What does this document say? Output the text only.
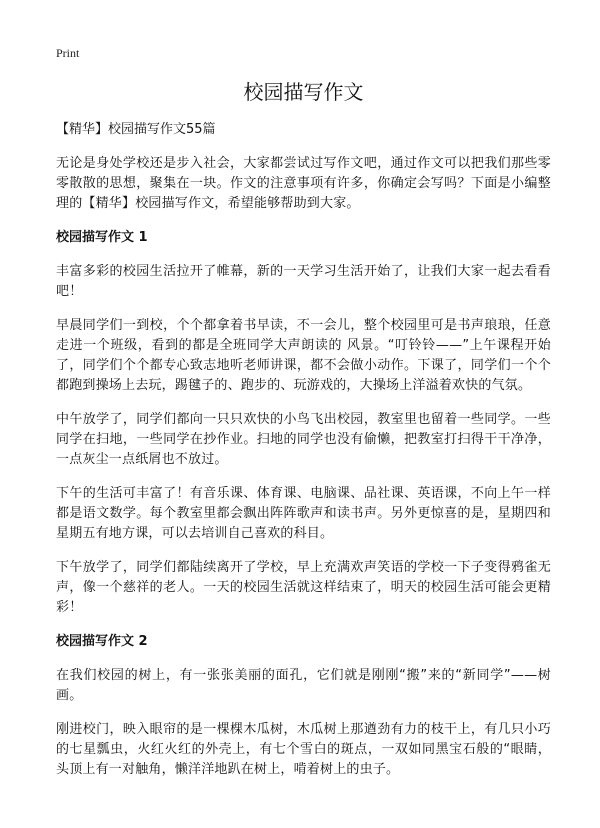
Print
校园描写作文

【精华】校园描写作文55篇

无论是身处学校还是步入社会，大家都尝试过写作文吧，通过作文可以把我们那些零零散散的思想，聚集在一块。作文的注意事项有许多，你确定会写吗？下面是小编整理的【精华】校园描写作文，希望能够帮助到大家。

校园描写作文 1

丰富多彩的校园生活拉开了帷幕，新的一天学习生活开始了，让我们大家一起去看看吧！

早晨同学们一到校，个个都拿着书早读，不一会儿，整个校园里可是书声琅琅，任意走进一个班级，看到的都是全班同学大声朗读的 风景。“叮铃铃——”上午课程开始了，同学们个个都专心致志地听老师讲课，都不会做小动作。下课了，同学们一个个都跑到操场上去玩，踢毽子的、跑步的、玩游戏的，大操场上洋溢着欢快的气氛。

中午放学了，同学们都向一只只欢快的小鸟飞出校园，教室里也留着一些同学。一些同学在扫地，一些同学在抄作业。扫地的同学也没有偷懒，把教室打扫得干干净净，一点灰尘一点纸屑也不放过。

下午的生活可丰富了！有音乐课、体育课、电脑课、品社课、英语课，不向上午一样都是语文数学。每个教室里都会飘出阵阵歌声和读书声。另外更惊喜的是，星期四和星期五有地方课，可以去培训自己喜欢的科目。

下午放学了，同学们都陆续离开了学校，早上充满欢声笑语的学校一下子变得鸦雀无声，像一个慈祥的老人。一天的校园生活就这样结束了，明天的校园生活可能会更精彩！

校园描写作文 2

在我们校园的树上，有一张张美丽的面孔，它们就是刚刚“搬”来的“新同学”——树画。

刚进校门，映入眼帘的是一棵棵木瓜树，木瓜树上那遒劲有力的枝干上，有几只小巧的七星瓢虫，火红火红的外壳上，有七个雪白的斑点，一双如同黑宝石般的“眼睛，头顶上有一对触角，懒洋洋地趴在树上，啃着树上的虫子。
